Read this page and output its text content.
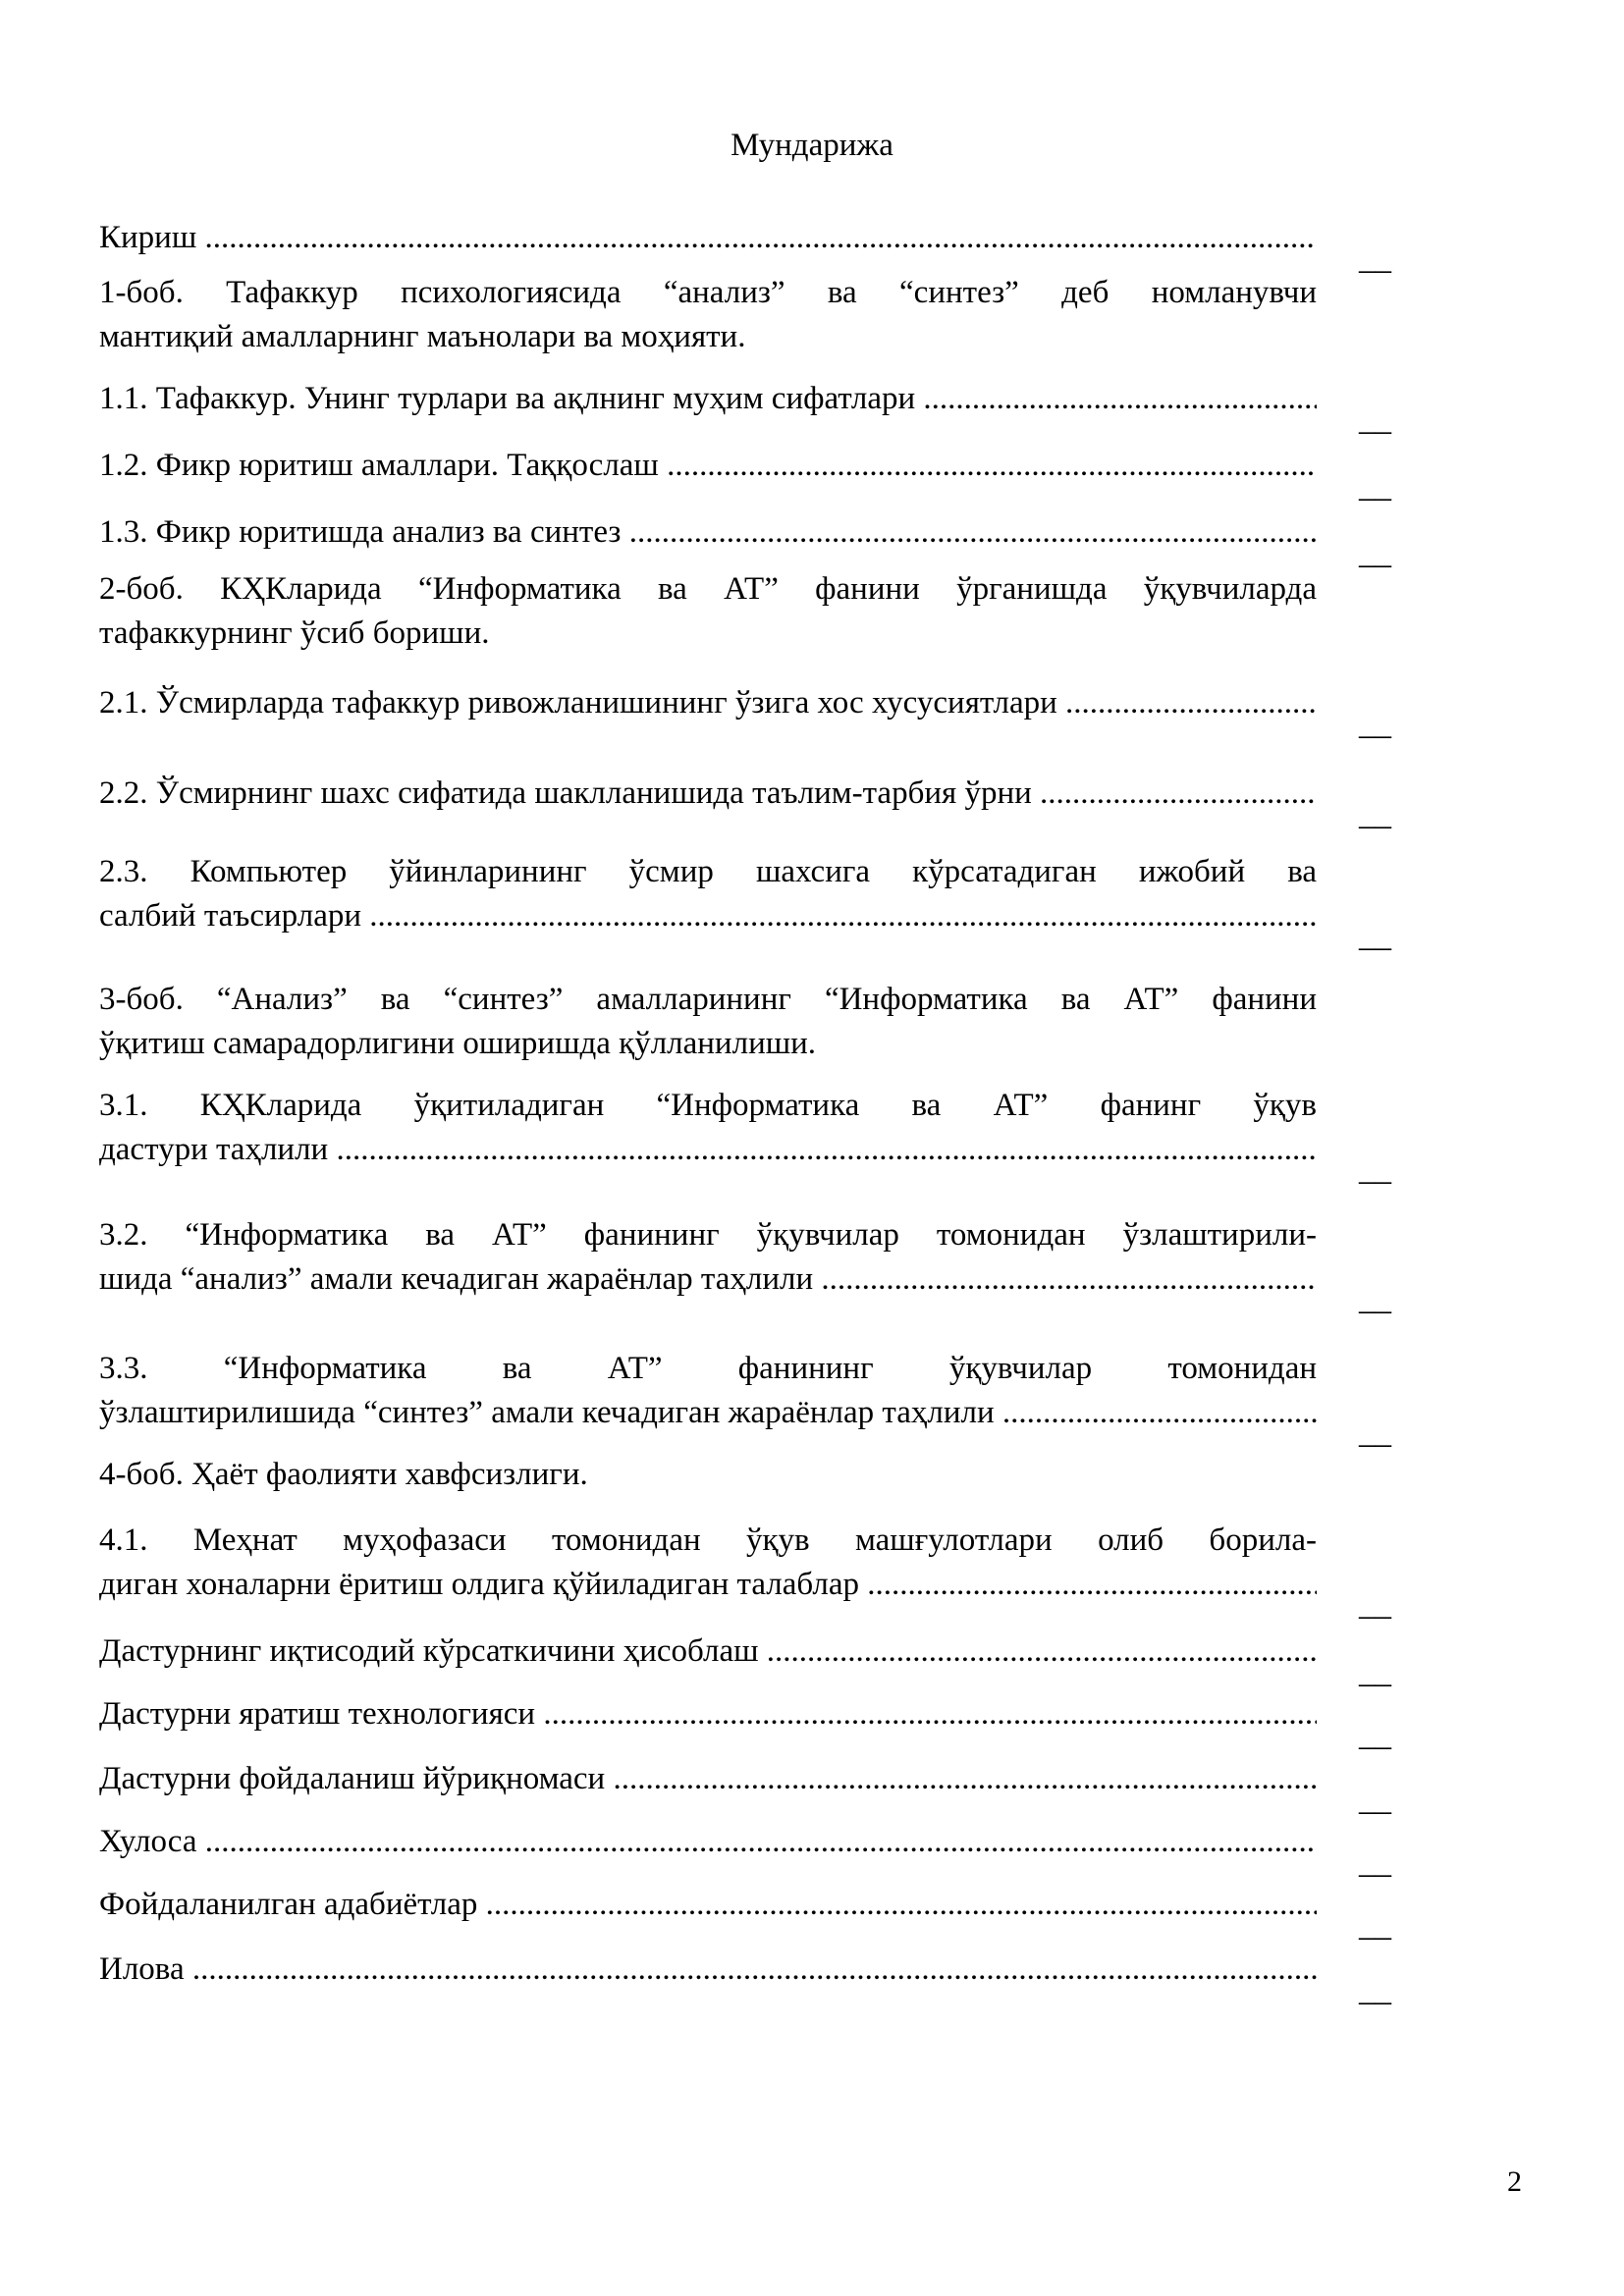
Мундарижа
Кириш .....
__
1-боб. Тафаккур психологиясида “анализ” ва “синтез” деб номланувчи
мантиқий амалларнинг маънолари ва моҳияти.
1.1. Тафаккур. Унинг турлари ва ақлнинг муҳим сифатлари .....
__
1.2. Фикр юритиш амаллари. Таққослаш .....
__
1.3. Фикр юритишда анализ ва синтез .....
__
2-боб. КҲКларида “Информатика ва АТ” фанини ўрганишда ўқувчиларда
тафаккурнинг ўсиб бориши.
2.1. Ўсмирларда тафаккур ривожланишининг ўзига хос хусусиятлари .....
__
2.2. Ўсмирнинг шахс сифатида шаклланишида таълим-тарбия ўрни .....
__
2.3. Компьютер ўйинларининг ўсмир шахсига кўрсатадиган ижобий ва
салбий таъсирлари .....
__
3-боб. “Анализ” ва “синтез” амалларининг “Информатика ва АТ” фанини
ўқитиш самарадорлигини оширишда қўлланилиши.
3.1. КҲКларида ўқитиладиган “Информатика ва АТ” фанинг ўқув
дастури таҳлили .....
__
3.2. “Информатика ва АТ” фанининг ўқувчилар томонидан ўзлаштирили-
шида “анализ” амали кечадиган жараёнлар таҳлили .....
__
3.3. “Информатика ва АТ” фанининг ўқувчилар томонидан
ўзлаштирилишида “синтез” амали кечадиган жараёнлар таҳлили .....
__
4-боб. Ҳаёт фаолияти хавфсизлиги.
4.1. Меҳнат муҳофазаси томонидан ўқув машғулотлари олиб борила-
диган хоналарни ёритиш олдига қўйиладиган талаблар .....
__
Дастурнинг иқтисодий кўрсаткичини ҳисоблаш .....
__
Дастурни яратиш технологияси .....
__
Дастурни фойдаланиш йўриқномаси .....
__
Хулоса .....
__
Фойдаланилган адабиётлар .....
__
Илова .....
__
2
